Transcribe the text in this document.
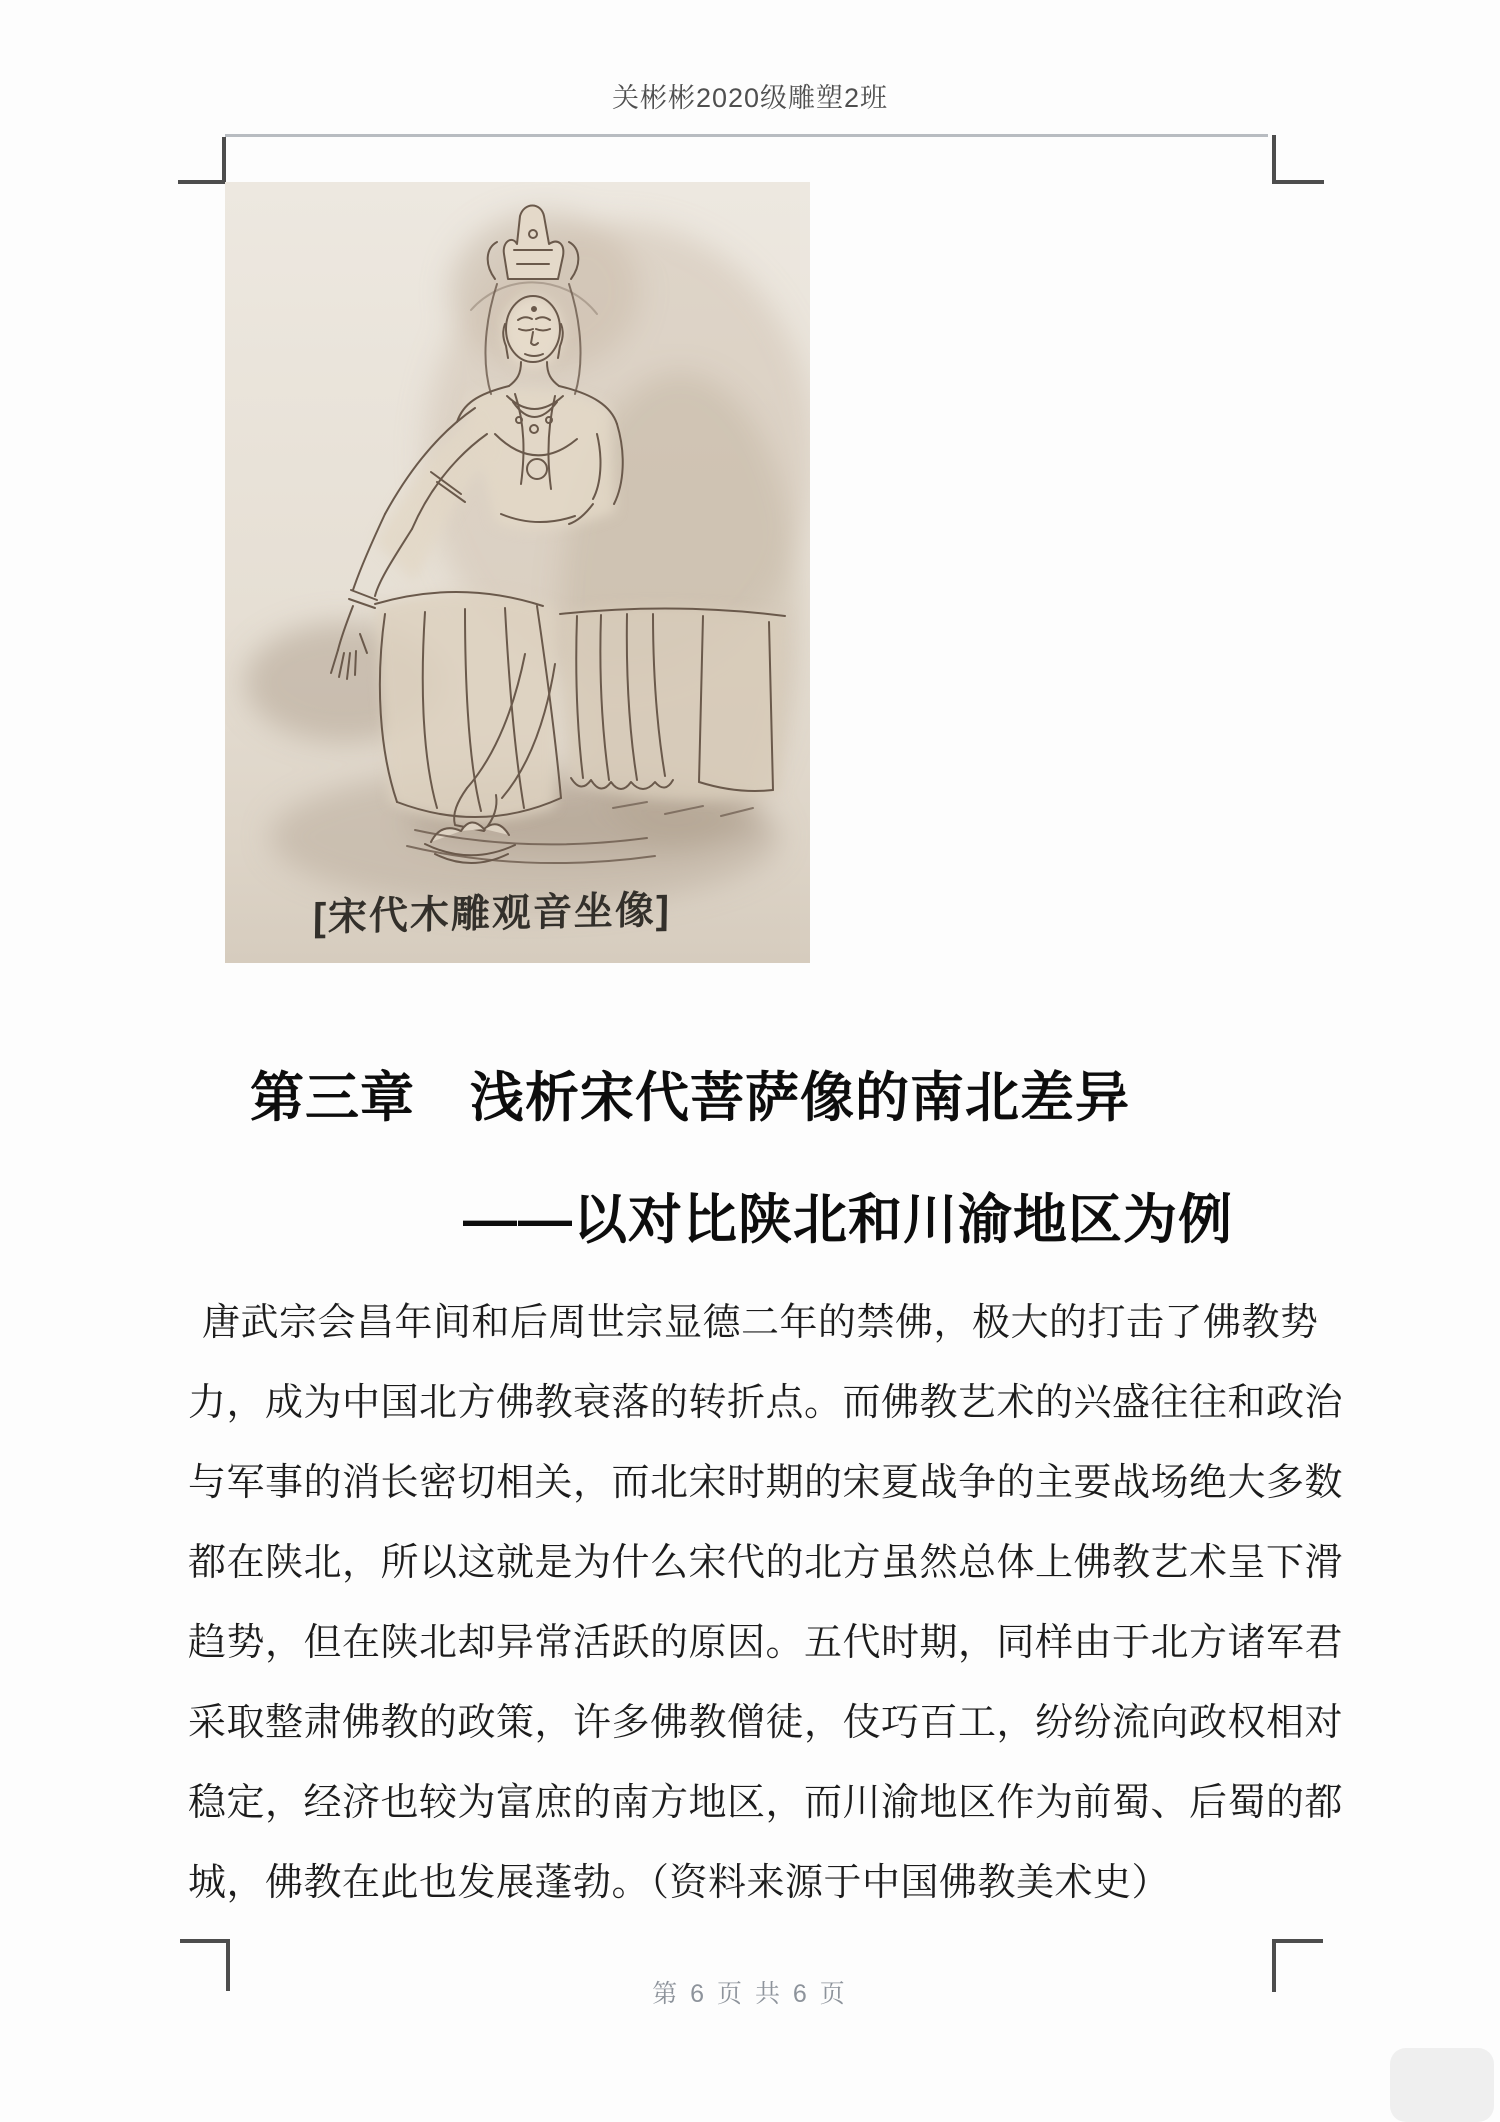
关彬彬2020级雕塑2班
[宋代木雕观音坐像]
第三章　浅析宋代菩萨像的南北差异
——以对比陕北和川渝地区为例
唐武宗会昌年间和后周世宗显德二年的禁佛，极大的打击了佛教势
力，成为中国北方佛教衰落的转折点。而佛教艺术的兴盛往往和政治
与军事的消长密切相关，而北宋时期的宋夏战争的主要战场绝大多数
都在陕北，所以这就是为什么宋代的北方虽然总体上佛教艺术呈下滑
趋势，但在陕北却异常活跃的原因。五代时期，同样由于北方诸军君
采取整肃佛教的政策，许多佛教僧徒，伎巧百工，纷纷流向政权相对
稳定，经济也较为富庶的南方地区，而川渝地区作为前蜀、后蜀的都
城，佛教在此也发展蓬勃。（资料来源于中国佛教美术史）
第 6 页 共 6 页
